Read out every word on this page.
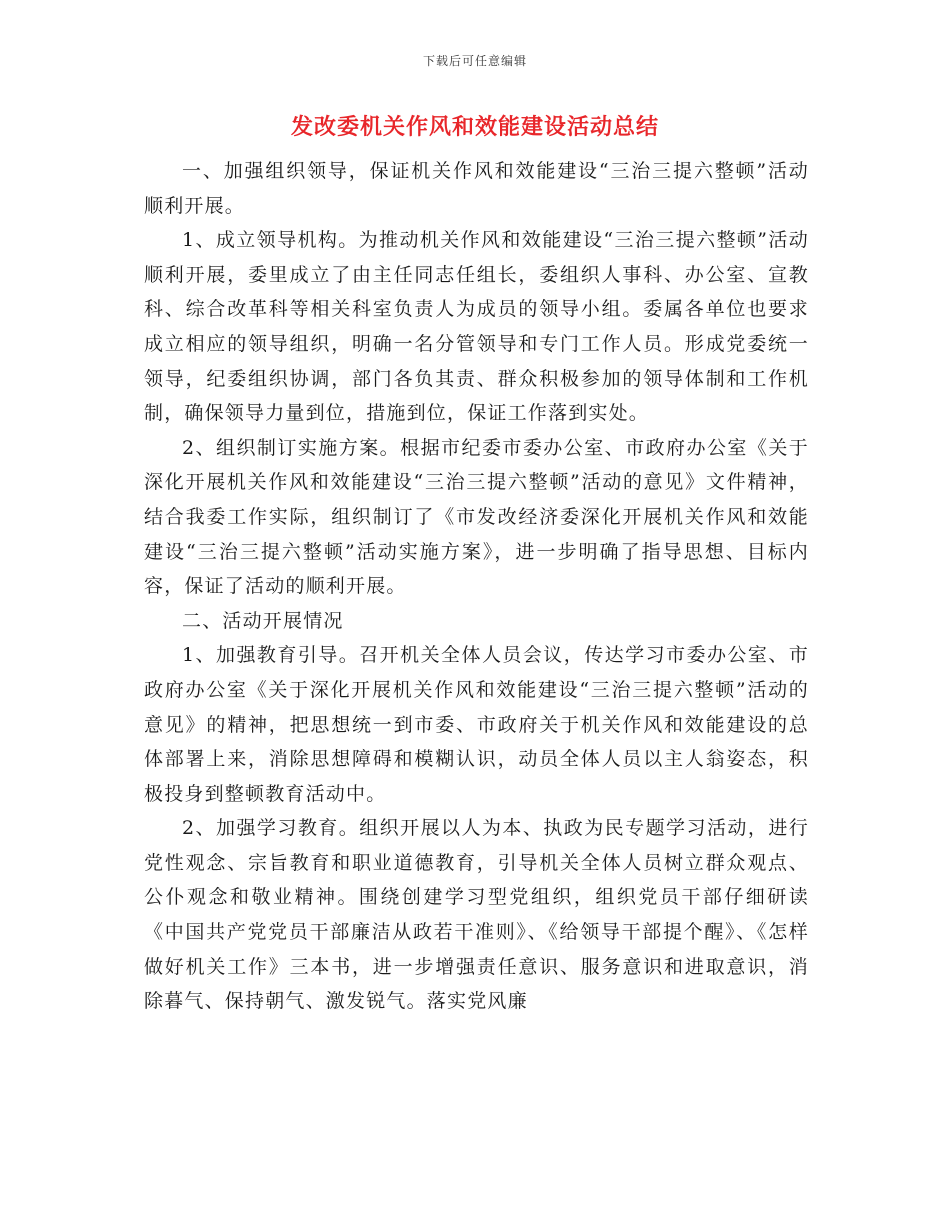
下载后可任意编辑
发改委机关作风和效能建设活动总结

一、加强组织领导，保证机关作风和效能建设“三治三提六整顿”活动顺利开展。

1、成立领导机构。为推动机关作风和效能建设“三治三提六整顿”活动顺利开展，委里成立了由主任同志任组长，委组织人事科、办公室、宣教科、综合改革科等相关科室负责人为成员的领导小组。委属各单位也要求成立相应的领导组织，明确一名分管领导和专门工作人员。形成党委统一领导，纪委组织协调，部门各负其责、群众积极参加的领导体制和工作机制，确保领导力量到位，措施到位，保证工作落到实处。

2、组织制订实施方案。根据市纪委市委办公室、市政府办公室《关于深化开展机关作风和效能建设“三治三提六整顿”活动的意见》文件精神，结合我委工作实际，组织制订了《市发改经济委深化开展机关作风和效能建设“三治三提六整顿”活动实施方案》，进一步明确了指导思想、目标内容，保证了活动的顺利开展。

二、活动开展情况

1、加强教育引导。召开机关全体人员会议，传达学习市委办公室、市政府办公室《关于深化开展机关作风和效能建设“三治三提六整顿”活动的意见》的精神，把思想统一到市委、市政府关于机关作风和效能建设的总体部署上来，消除思想障碍和模糊认识，动员全体人员以主人翁姿态，积极投身到整顿教育活动中。

2、加强学习教育。组织开展以人为本、执政为民专题学习活动，进行党性观念、宗旨教育和职业道德教育，引导机关全体人员树立群众观点、公仆观念和敬业精神。围绕创建学习型党组织，组织党员干部仔细研读《中国共产党党员干部廉洁从政若干准则》、《给领导干部提个醒》、《怎样做好机关工作》三本书，进一步增强责任意识、服务意识和进取意识，消除暮气、保持朝气、激发锐气。落实党风廉
